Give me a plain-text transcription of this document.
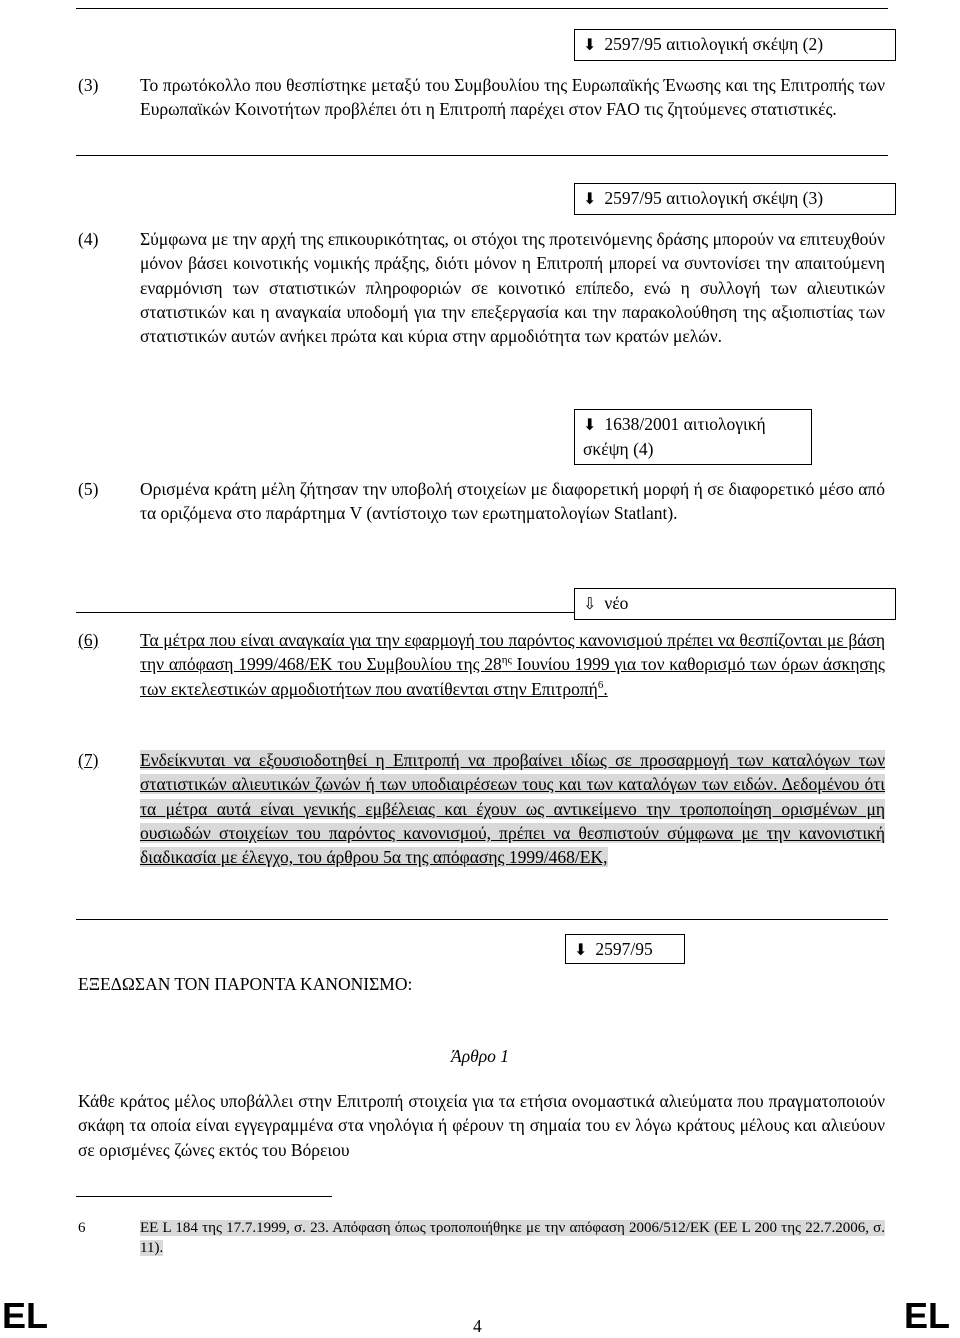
⬇ 2597/95 αιτιολογική σκέψη (2)
(3) Το πρωτόκολλο που θεσπίστηκε μεταξύ του Συμβουλίου της Ευρωπαϊκής Ένωσης και της Επιτροπής των Ευρωπαϊκών Κοινοτήτων προβλέπει ότι η Επιτροπή παρέχει στον FAO τις ζητούμενες στατιστικές.
⬇ 2597/95 αιτιολογική σκέψη (3)
(4) Σύμφωνα με την αρχή της επικουρικότητας, οι στόχοι της προτεινόμενης δράσης μπορούν να επιτευχθούν μόνον βάσει κοινοτικής νομικής πράξης, διότι μόνον η Επιτροπή μπορεί να συντονίσει την απαιτούμενη εναρμόνιση των στατιστικών πληροφοριών σε κοινοτικό επίπεδο, ενώ η συλλογή των αλιευτικών στατιστικών και η αναγκαία υποδομή για την επεξεργασία και την παρακολούθηση της αξιοπιστίας των στατιστικών αυτών ανήκει πρώτα και κύρια στην αρμοδιότητα των κρατών μελών.
⬇ 1638/2001 αιτιολογική
σκέψη (4)
(5) Ορισμένα κράτη μέλη ζήτησαν την υποβολή στοιχείων με διαφορετική μορφή ή σε διαφορετικό μέσο από τα οριζόμενα στο παράρτημα V (αντίστοιχο των ερωτηματολογίων Statlant).
⇩ νέο
(6) Τα μέτρα που είναι αναγκαία για την εφαρμογή του παρόντος κανονισμού πρέπει να θεσπίζονται με βάση την απόφαση 1999/468/ΕΚ του Συμβουλίου της 28$^{\eta\varsigma}$ Ιουνίου 1999 για τον καθορισμό των όρων άσκησης των εκτελεστικών αρμοδιοτήτων που ανατίθενται στην Επιτροπή$^6$.
(7) Ενδείκνυται να εξουσιοδοτηθεί η Επιτροπή να προβαίνει ιδίως σε προσαρμογή των καταλόγων των στατιστικών αλιευτικών ζωνών ή των υποδιαιρέσεων τους και των καταλόγων των ειδών. Δεδομένου ότι τα μέτρα αυτά είναι γενικής εμβέλειας και έχουν ως αντικείμενο την τροποποίηση ορισμένων μη ουσιωδών στοιχείων του παρόντος κανονισμού, πρέπει να θεσπιστούν σύμφωνα με την κανονιστική διαδικασία με έλεγχο, του άρθρου 5α της απόφασης 1999/468/ΕΚ,
⬇ 2597/95
ΕΞΕΔΩΣΑΝ ΤΟΝ ΠΑΡΟΝΤΑ ΚΑΝΟΝΙΣΜΟ:
Άρθρο 1
Κάθε κράτος μέλος υποβάλλει στην Επιτροπή στοιχεία για τα ετήσια ονομαστικά αλιεύματα που πραγματοποιούν σκάφη τα οποία είναι εγγεγραμμένα στα νηολόγια ή φέρουν τη σημαία του εν λόγω κράτους μέλους και αλιεύουν σε ορισμένες ζώνες εκτός του Βόρειου
6	ΕΕ L 184 της 17.7.1999, σ. 23. Απόφαση όπως τροποποιήθηκε με την απόφαση 2006/512/ΕΚ (ΕΕ L 200 της 22.7.2006, σ. 11).
EL	4	EL
